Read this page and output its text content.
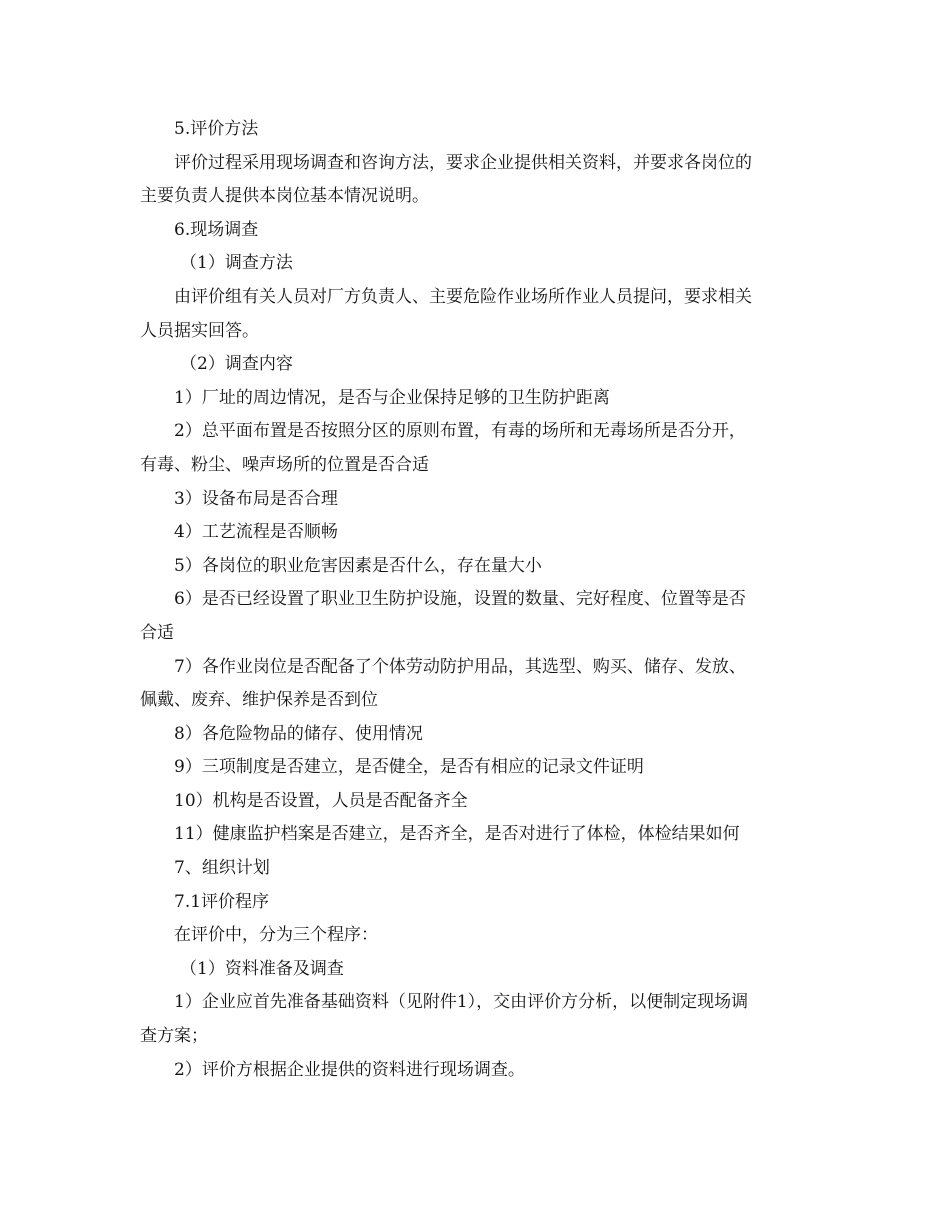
5.评价方法
评价过程采用现场调查和咨询方法，要求企业提供相关资料，并要求各岗位的
主要负责人提供本岗位基本情况说明。
6.现场调查
（1）调查方法
由评价组有关人员对厂方负责人、主要危险作业场所作业人员提问，要求相关
人员据实回答。
（2）调查内容
1）厂址的周边情况，是否与企业保持足够的卫生防护距离
2）总平面布置是否按照分区的原则布置，有毒的场所和无毒场所是否分开，
有毒、粉尘、噪声场所的位置是否合适
3）设备布局是否合理
4）工艺流程是否顺畅
5）各岗位的职业危害因素是否什么，存在量大小
6）是否已经设置了职业卫生防护设施，设置的数量、完好程度、位置等是否
合适
7）各作业岗位是否配备了个体劳动防护用品，其选型、购买、储存、发放、
佩戴、废弃、维护保养是否到位
8）各危险物品的储存、使用情况
9）三项制度是否建立，是否健全，是否有相应的记录文件证明
10）机构是否设置，人员是否配备齐全
11）健康监护档案是否建立，是否齐全，是否对进行了体检，体检结果如何
7、组织计划
7.1评价程序
在评价中，分为三个程序：
（1）资料准备及调查
1）企业应首先准备基础资料（见附件1），交由评价方分析，以便制定现场调
查方案；
2）评价方根据企业提供的资料进行现场调查。
